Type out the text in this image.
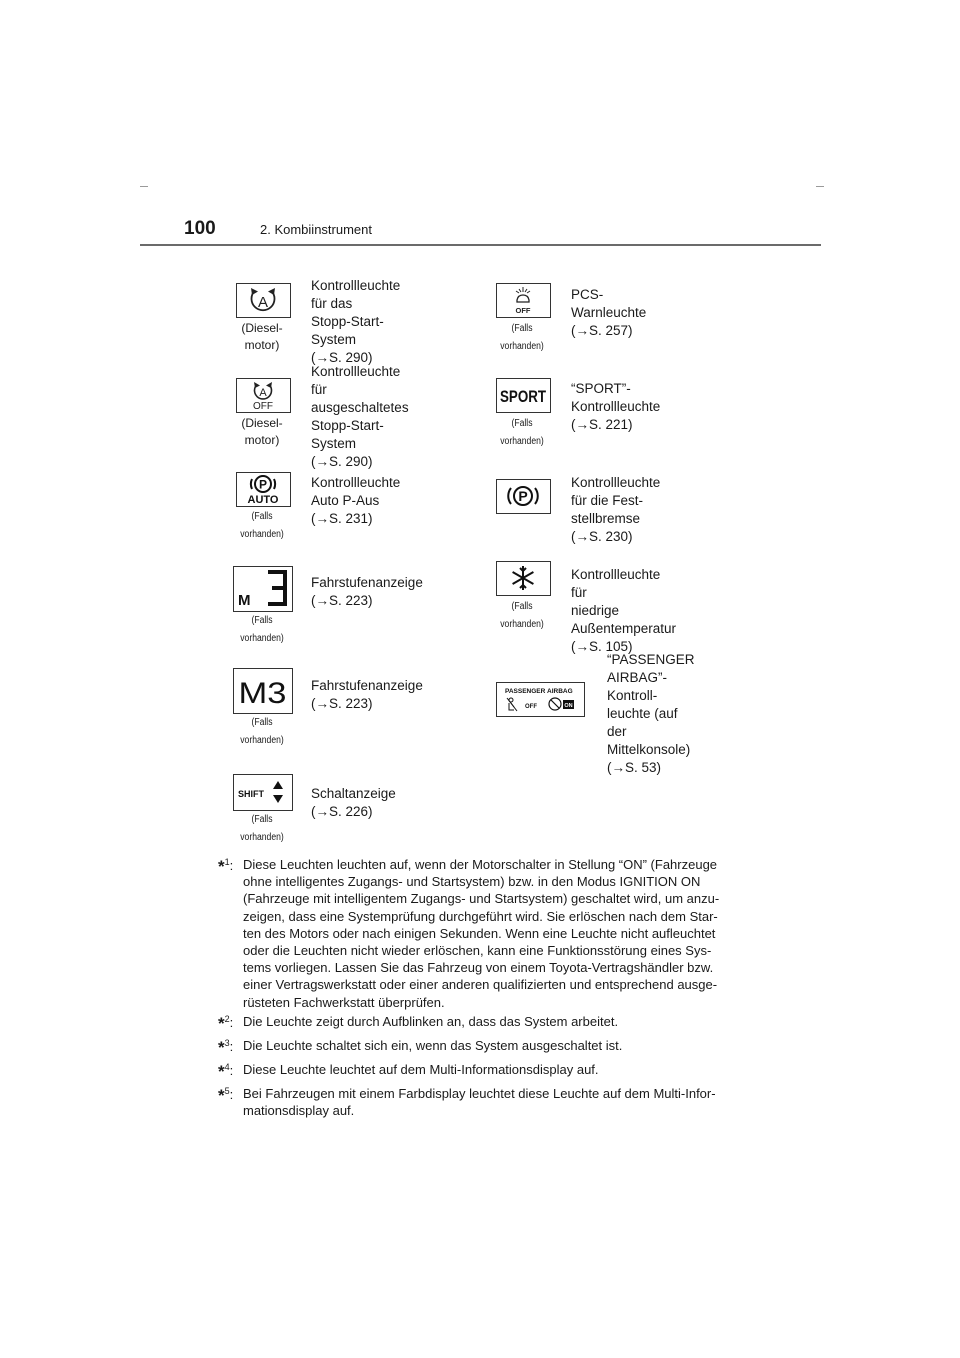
100	2. Kombiinstrument
A
(Diesel-
motor)
Kontrollleuchte für das
Stopp-Start-System
(→S. 290)
OFF
(Falls
vorhanden)
PCS-Warnleuchte
(→S. 257)
A
OFF
(Diesel-
motor)
Kontrollleuchte für
ausgeschaltetes
Stopp-Start-System
(→S. 290)
SPORT
(Falls
vorhanden)
“SPORT”-Kontrollleuchte
(→S. 221)
P
AUTO
(Falls
vorhanden)
Kontrollleuchte Auto P-Aus
(→S. 231)
P
Kontrollleuchte für die Fest-
stellbremse (→S. 230)
M
(Falls
vorhanden)
Fahrstufenanzeige
(→S. 223)	(Falls
vorhanden)
Kontrollleuchte für
niedrige Außentemperatur
(→S. 105)
M3
(Falls
vorhanden)
Fahrstufenanzeige
(→S. 223)
PASSENGER AIRBAG
OFF	ON
“PASSENGER
AIRBAG”-Kontroll-
leuchte (auf der
Mittelkonsole)
(→S. 53)
SHIFT
(Falls
vorhanden)
Schaltanzeige (→S. 226)
*$^1$: Diese Leuchten leuchten auf, wenn der Motorschalter in Stellung “ON” (Fahrzeuge
ohne intelligentes Zugangs- und Startsystem) bzw. in den Modus IGNITION ON
(Fahrzeuge mit intelligentem Zugangs- und Startsystem) geschaltet wird, um anzu-
zeigen, dass eine Systemprüfung durchgeführt wird. Sie erlöschen nach dem Star-
ten des Motors oder nach einigen Sekunden. Wenn eine Leuchte nicht aufleuchtet
oder die Leuchten nicht wieder erlöschen, kann eine Funktionsstörung eines Sys-
tems vorliegen. Lassen Sie das Fahrzeug von einem Toyota-Vertragshändler bzw.
einer Vertragswerkstatt oder einer anderen qualifizierten und entsprechend ausge-
rüsteten Fachwerkstatt überprüfen.
*$^2$: Die Leuchte zeigt durch Aufblinken an, dass das System arbeitet.
*$^3$: Die Leuchte schaltet sich ein, wenn das System ausgeschaltet ist.
*$^4$: Diese Leuchte leuchtet auf dem Multi-Informationsdisplay auf.
*$^5$: Bei Fahrzeugen mit einem Farbdisplay leuchtet diese Leuchte auf dem Multi-Infor-
mationsdisplay auf.
